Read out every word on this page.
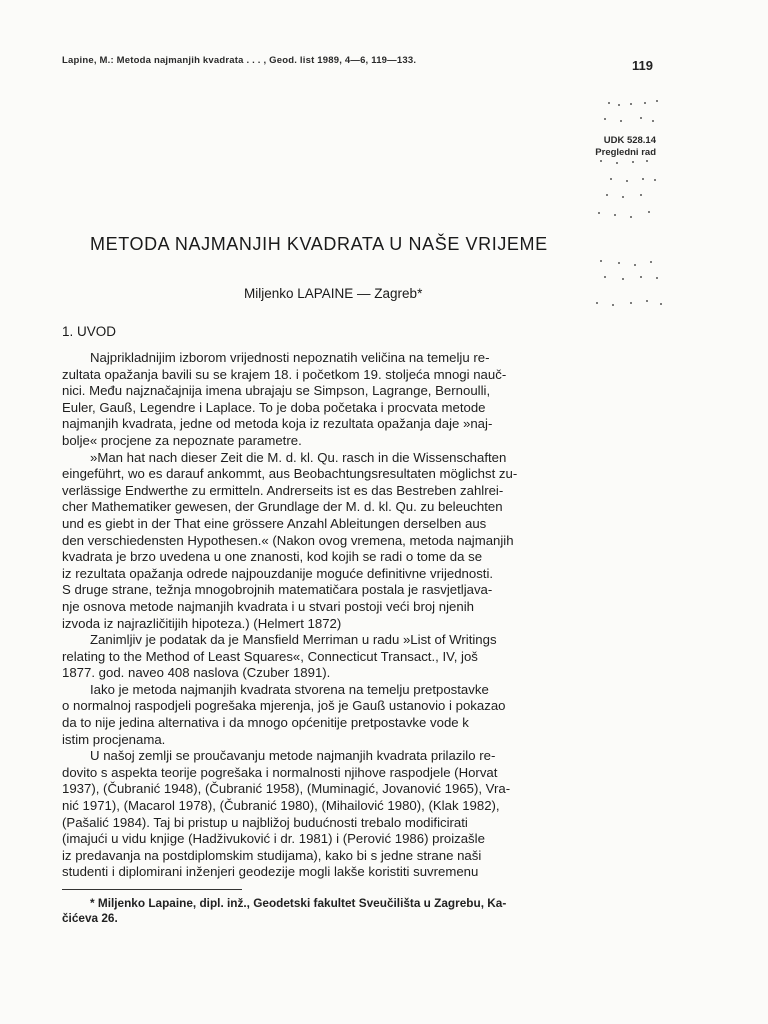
Lapine, M.: Metoda najmanjih kvadrata . . . , Geod. list 1989, 4—6, 119—133.	119
UDK 528.14
Pregledni rad
METODA NAJMANJIH KVADRATA U NAŠE VRIJEME
Miljenko LAPAINE — Zagreb*
1. UVOD
Najprikladnijim izborom vrijednosti nepoznatih veličina na temelju re-
zultata opažanja bavili su se krajem 18. i početkom 19. stoljeća mnogi nauč-
nici. Među najznačajnija imena ubrajaju se Simpson, Lagrange, Bernoulli,
Euler, Gauß, Legendre i Laplace. To je doba početaka i procvata metode
najmanjih kvadrata, jedne od metoda koja iz rezultata opažanja daje »naj-
bolje« procjene za nepoznate parametre.
»Man hat nach dieser Zeit die M. d. kl. Qu. rasch in die Wissenschaften
eingeführt, wo es darauf ankommt, aus Beobachtungsresultaten möglichst zu-
verlässige Endwerthe zu ermitteln. Andrerseits ist es das Bestreben zahlrei-
cher Mathematiker gewesen, der Grundlage der M. d. kl. Qu. zu beleuchten
und es giebt in der That eine grössere Anzahl Ableitungen derselben aus
den verschiedensten Hypothesen.« (Nakon ovog vremena, metoda najmanjih
kvadrata je brzo uvedena u one znanosti, kod kojih se radi o tome da se
iz rezultata opažanja odrede najpouzdanije moguće definitivne vrijednosti.
S druge strane, težnja mnogobrojnih matematičara postala je rasvjetljava-
nje osnova metode najmanjih kvadrata i u stvari postoji veći broj njenih
izvoda iz najrazličitijih hipoteza.) (Helmert 1872)
Zanimljiv je podatak da je Mansfield Merriman u radu »List of Writings
relating to the Method of Least Squares«, Connecticut Transact., IV, još
1877. god. naveo 408 naslova (Czuber 1891).
Iako je metoda najmanjih kvadrata stvorena na temelju pretpostavke
o normalnoj raspodjeli pogrešaka mjerenja, još je Gauß ustanovio i pokazao
da to nije jedina alternativa i da mnogo općenitije pretpostavke vode k
istim procjenama.
U našoj zemlji se proučavanju metode najmanjih kvadrata prilazilo re-
dovito s aspekta teorije pogrešaka i normalnosti njihove raspodjele (Horvat
1937), (Čubranić 1948), (Čubranić 1958), (Muminagić, Jovanović 1965), Vra-
nić 1971), (Macarol 1978), (Čubranić 1980), (Mihailović 1980), (Klak 1982),
(Pašalić 1984). Taj bi pristup u najbližoj budućnosti trebalo modificirati
(imajući u vidu knjige (Hadživuković i dr. 1981) i (Perović 1986) proizašle
iz predavanja na postdiplomskim studijama), kako bi s jedne strane naši
studenti i diplomirani inženjeri geodezije mogli lakše koristiti suvremenu
* Miljenko Lapaine, dipl. inž., Geodetski fakultet Sveučilišta u Zagrebu, Ka-
čićeva 26.
